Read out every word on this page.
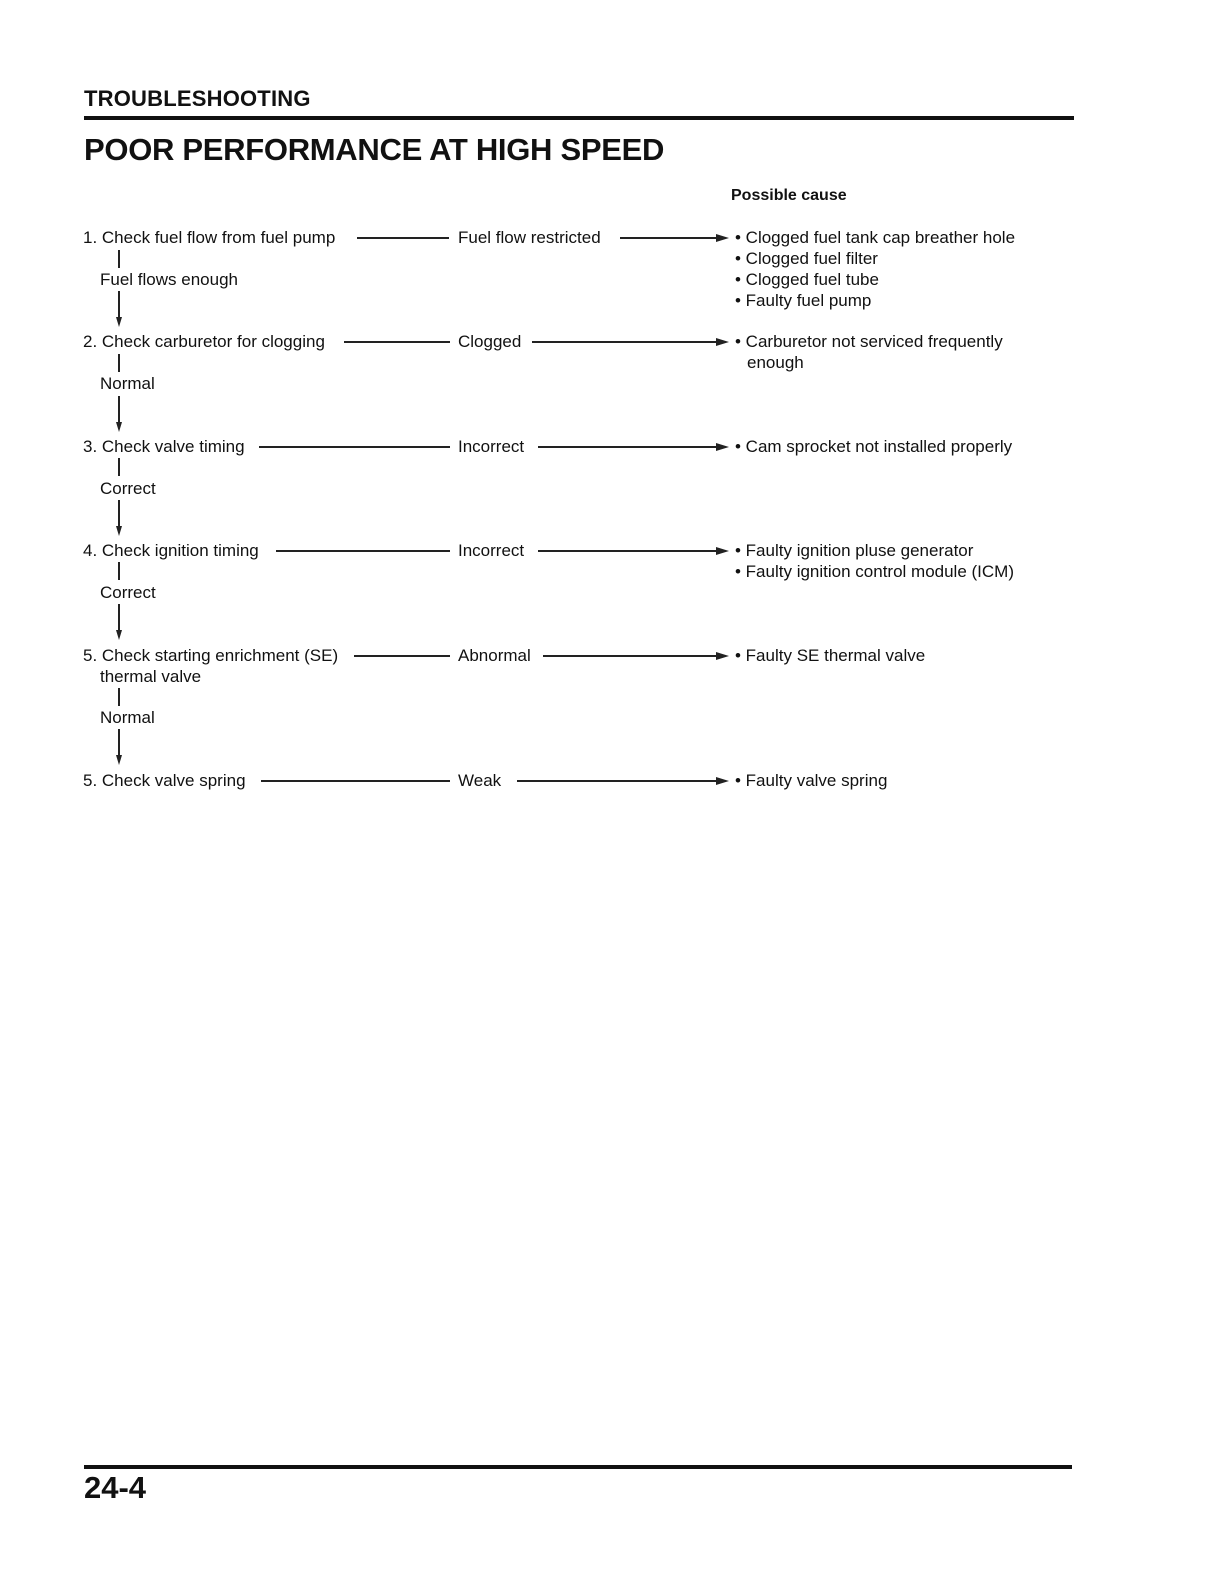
TROUBLESHOOTING
POOR PERFORMANCE AT HIGH SPEED
Possible cause
1. Check fuel flow from fuel pump	Fuel flow restricted	• Clogged fuel tank cap breather hole
• Clogged fuel filter
• Clogged fuel tube
• Faulty fuel pump
Fuel flows enough
2. Check carburetor for clogging	Clogged	• Carburetor not serviced frequently
enough
Normal
3. Check valve timing	Incorrect	• Cam sprocket not installed properly
Correct
4. Check ignition timing	Incorrect	• Faulty ignition pluse generator
• Faulty ignition control module (ICM)
Correct
5. Check starting enrichment (SE)
thermal valve
Abnormal	• Faulty SE thermal valve
Normal
5. Check valve spring	Weak	• Faulty valve spring
24-4
